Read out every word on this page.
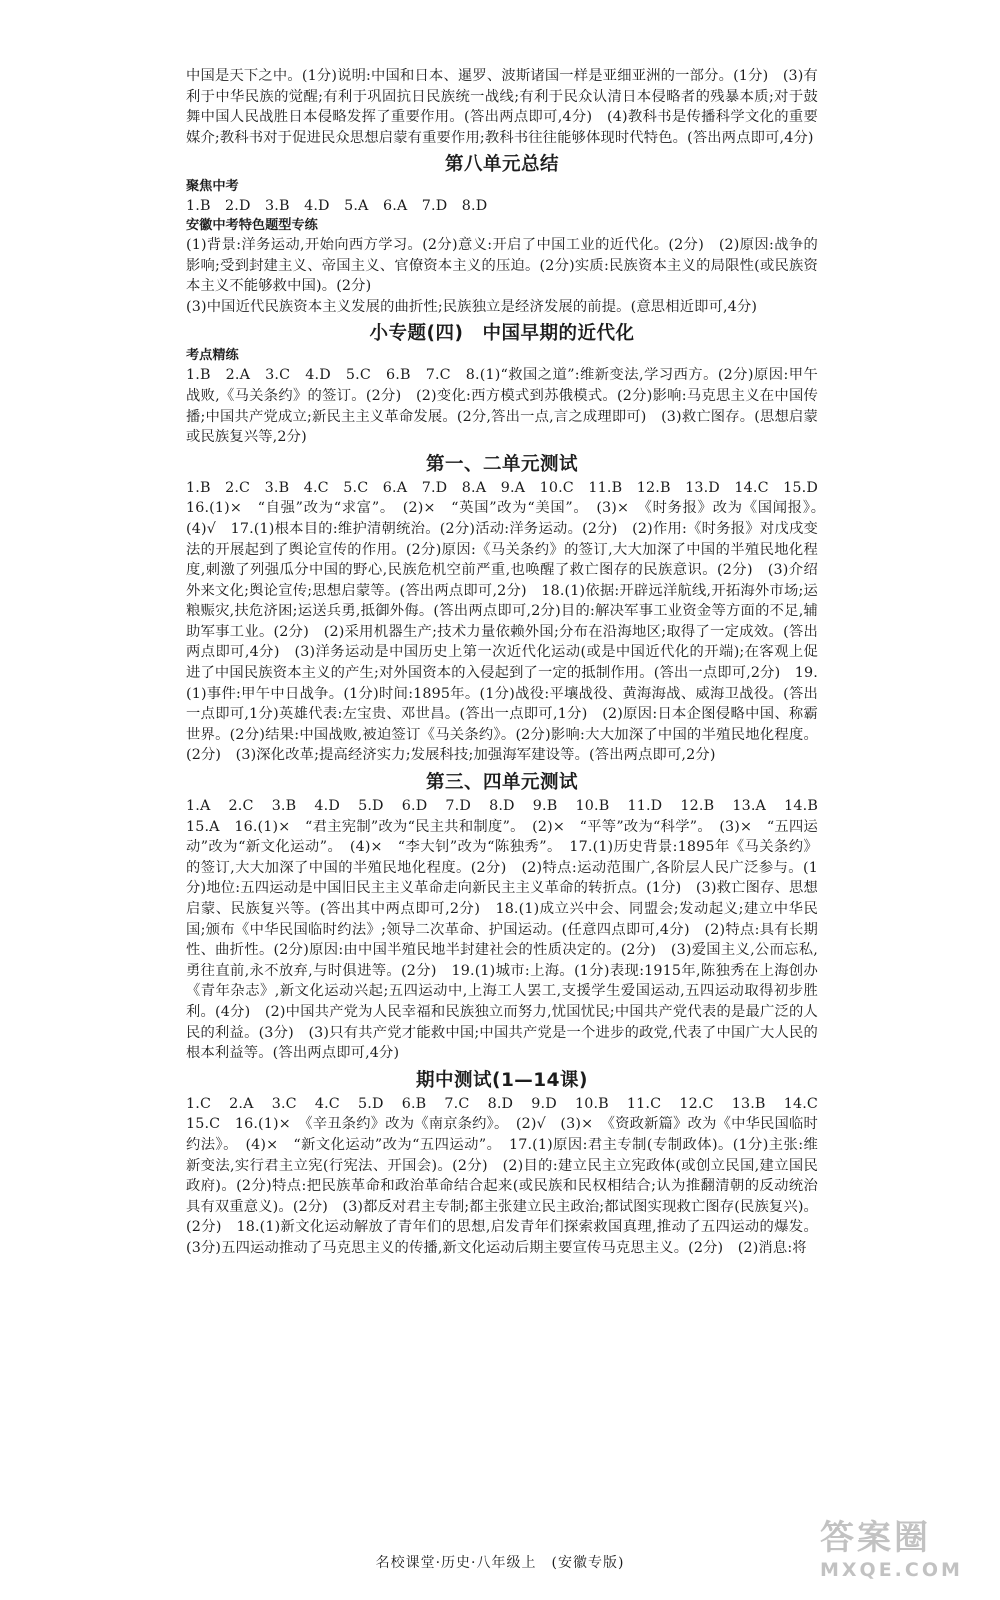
中国是天下之中。(1分)说明:中国和日本、暹罗、波斯诸国一样是亚细亚洲的一部分。(1分)　(3)有利于中华民族的觉醒;有利于巩固抗日民族统一战线;有利于民众认清日本侵略者的残暴本质;对于鼓舞中国人民战胜日本侵略发挥了重要作用。(答出两点即可,4分)　(4)教科书是传播科学文化的重要媒介;教科书对于促进民众思想启蒙有重要作用;教科书往往能够体现时代特色。(答出两点即可,4分)

第八单元总结
聚焦中考

1.B　2.D　3.B　4.D　5.A　6.A　7.D　8.D

安徽中考特色题型专练

(1)背景:洋务运动,开始向西方学习。(2分)意义:开启了中国工业的近代化。(2分)　(2)原因:战争的影响;受到封建主义、帝国主义、官僚资本主义的压迫。(2分)实质:民族资本主义的局限性(或民族资本主义不能够救中国)。(2分)

(3)中国近代民族资本主义发展的曲折性;民族独立是经济发展的前提。(意思相近即可,4分)

小专题(四)　中国早期的近代化
考点精练

1.B　2.A　3.C　4.D　5.C　6.B　7.C　8.(1)“救国之道”:维新变法,学习西方。(2分)原因:甲午战败,《马关条约》的签订。(2分)　(2)变化:西方模式到苏俄模式。(2分)影响:马克思主义在中国传播;中国共产党成立;新民主主义革命发展。(2分,答出一点,言之成理即可)　(3)救亡图存。(思想启蒙或民族复兴等,2分)

第一、二单元测试

1.B　2.C　3.B　4.C　5.C　6.A　7.D　8.A　9.A　10.C　11.B　12.B　13.D　14.C　15.D　16.(1)×　“自强”改为“求富”。　(2)×　“英国”改为“美国”。　(3)×　《时务报》改为《国闻报》。　(4)√　17.(1)根本目的:维护清朝统治。(2分)活动:洋务运动。(2分)　(2)作用:《时务报》对戊戌变法的开展起到了舆论宣传的作用。(2分)原因:《马关条约》的签订,大大加深了中国的半殖民地化程度,刺激了列强瓜分中国的野心,民族危机空前严重,也唤醒了救亡图存的民族意识。(2分)　(3)介绍外来文化;舆论宣传;思想启蒙等。(答出两点即可,2分)　18.(1)依据:开辟远洋航线,开拓海外市场;运粮赈灾,扶危济困;运送兵勇,抵御外侮。(答出两点即可,2分)目的:解决军事工业资金等方面的不足,辅助军事工业。(2分)　(2)采用机器生产;技术力量依赖外国;分布在沿海地区;取得了一定成效。(答出两点即可,4分)　(3)洋务运动是中国历史上第一次近代化运动(或是中国近代化的开端);在客观上促进了中国民族资本主义的产生;对外国资本的入侵起到了一定的抵制作用。(答出一点即可,2分)　19.(1)事件:甲午中日战争。(1分)时间:1895年。(1分)战役:平壤战役、黄海海战、威海卫战役。(答出一点即可,1分)英雄代表:左宝贵、邓世昌。(答出一点即可,1分)　(2)原因:日本企图侵略中国、称霸世界。(2分)结果:中国战败,被迫签订《马关条约》。(2分)影响:大大加深了中国的半殖民地化程度。(2分)　(3)深化改革;提高经济实力;发展科技;加强海军建设等。(答出两点即可,2分)

第三、四单元测试

1.A　2.C　3.B　4.D　5.D　6.D　7.D　8.D　9.B　10.B　11.D　12.B　13.A　14.B　15.A　16.(1)×　“君主宪制”改为“民主共和制度”。　(2)×　“平等”改为“科学”。　(3)×　“五四运动”改为“新文化运动”。　(4)×　“李大钊”改为“陈独秀”。　17.(1)历史背景:1895年《马关条约》的签订,大大加深了中国的半殖民地化程度。(2分)　(2)特点:运动范围广,各阶层人民广泛参与。(1分)地位:五四运动是中国旧民主主义革命走向新民主主义革命的转折点。(1分)　(3)救亡图存、思想启蒙、民族复兴等。(答出其中两点即可,2分)　18.(1)成立兴中会、同盟会;发动起义;建立中华民国;颁布《中华民国临时约法》;领导二次革命、护国运动。(任意四点即可,4分)　(2)特点:具有长期性、曲折性。(2分)原因:由中国半殖民地半封建社会的性质决定的。(2分)　(3)爱国主义,公而忘私,勇往直前,永不放弃,与时俱进等。(2分)　19.(1)城市:上海。(1分)表现:1915年,陈独秀在上海创办《青年杂志》,新文化运动兴起;五四运动中,上海工人罢工,支援学生爱国运动,五四运动取得初步胜利。(4分)　(2)中国共产党为人民幸福和民族独立而努力,忧国忧民;中国共产党代表的是最广泛的人民的利益。(3分)　(3)只有共产党才能救中国;中国共产党是一个进步的政党,代表了中国广大人民的根本利益等。(答出两点即可,4分)

期中测试(1—14课)

1.C　2.A　3.C　4.C　5.D　6.B　7.C　8.D　9.D　10.B　11.C　12.C　13.B　14.C　15.C　16.(1)×　《辛丑条约》改为《南京条约》。　(2)√　(3)×　《资政新篇》改为《中华民国临时约法》。　(4)×　“新文化运动”改为“五四运动”。　17.(1)原因:君主专制(专制政体)。(1分)主张:维新变法,实行君主立宪(行宪法、开国会)。(2分)　(2)目的:建立民主立宪政体(或创立民国,建立国民政府)。(2分)特点:把民族革命和政治革命结合起来(或民族和民权相结合;认为推翻清朝的反动统治具有双重意义)。(2分)　(3)都反对君主专制;都主张建立民主政治;都试图实现救亡图存(民族复兴)。(2分)　18.(1)新文化运动解放了青年们的思想,启发青年们探索救国真理,推动了五四运动的爆发。(3分)五四运动推动了马克思主义的传播,新文化运动后期主要宣传马克思主义。(2分)　(2)消息:将

名校课堂·历史·八年级上　(安徽专版)
答案圈
MXQE.COM
